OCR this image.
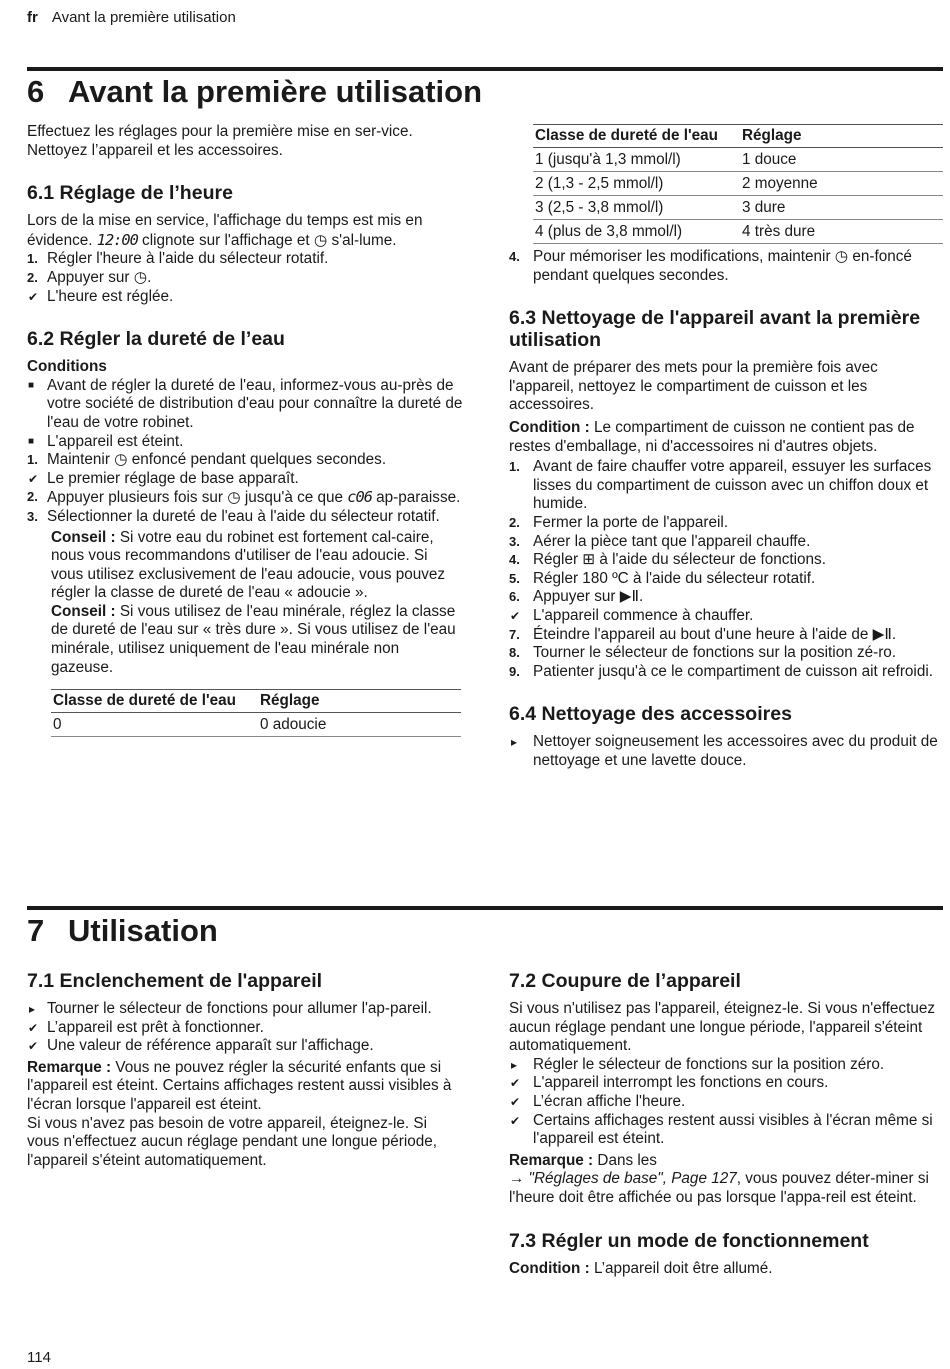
fr Avant la première utilisation
6 Avant la première utilisation

Effectuez les réglages pour la première mise en ser-vice. Nettoyez l’appareil et les accessoires.

6.1 Réglage de l’heure

Lors de la mise en service, l'affichage du temps est mis en évidence. 12:00 clignote sur l'affichage et ◷ s'al-lume.

1. Régler l'heure à l'aide du sélecteur rotatif.
2. Appuyer sur ◷.
✔ L'heure est réglée.
6.2 Régler la dureté de l’eau
Conditions
■ Avant de régler la dureté de l'eau, informez-vous au-près de votre société de distribution d'eau pour connaître la dureté de l'eau de votre robinet.
■ L'appareil est éteint.
1. Maintenir ◷ enfoncé pendant quelques secondes.
✔ Le premier réglage de base apparaît.
2. Appuyer plusieurs fois sur ◷ jusqu'à ce que c06 ap-paraisse.
3. Sélectionner la dureté de l'eau à l'aide du sélecteur rotatif.

Conseil : Si votre eau du robinet est fortement cal-caire, nous vous recommandons d'utiliser de l'eau adoucie. Si vous utilisez exclusivement de l'eau adoucie, vous pouvez régler la classe de dureté de l'eau « adoucie ».

Conseil : Si vous utilisez de l'eau minérale, réglez la classe de dureté de l'eau sur « très dure ». Si vous utilisez de l'eau minérale, utilisez uniquement de l'eau minérale non gazeuse.

Classe de dureté de l'eau	Réglage
0	0 adoucie
Classe de dureté de l'eau	Réglage
1 (jusqu'à 1,3 mmol/l)	1 douce
2 (1,3 - 2,5 mmol/l)	2 moyenne
3 (2,5 - 3,8 mmol/l)	3 dure
4 (plus de 3,8 mmol/l)	4 très dure
4. Pour mémoriser les modifications, maintenir ◷ en-foncé pendant quelques secondes.
6.3 Nettoyage de l'appareil avant la première utilisation

Avant de préparer des mets pour la première fois avec l'appareil, nettoyez le compartiment de cuisson et les accessoires.

Condition : Le compartiment de cuisson ne contient pas de restes d'emballage, ni d'accessoires ni d'autres objets.

1. Avant de faire chauffer votre appareil, essuyer les surfaces lisses du compartiment de cuisson avec un chiffon doux et humide.
2. Fermer la porte de l'appareil.
3. Aérer la pièce tant que l'appareil chauffe.
4. Régler ⊞ à l'aide du sélecteur de fonctions.
5. Régler 180 ºC à l'aide du sélecteur rotatif.
6. Appuyer sur ▶︎Ⅱ.
✔ L'appareil commence à chauffer.
7. Éteindre l'appareil au bout d'une heure à l'aide de ▶︎Ⅱ.
8. Tourner le sélecteur de fonctions sur la position zé-ro.
9. Patienter jusqu'à ce le compartiment de cuisson ait refroidi.
6.4 Nettoyage des accessoires
▸ Nettoyer soigneusement les accessoires avec du produit de nettoyage et une lavette douce.
7 Utilisation
7.1 Enclenchement de l'appareil
▸ Tourner le sélecteur de fonctions pour allumer l'ap-pareil.
✔ L’appareil est prêt à fonctionner.
✔ Une valeur de référence apparaît sur l'affichage.

Remarque : Vous ne pouvez régler la sécurité enfants que si l'appareil est éteint. Certains affichages restent aussi visibles à l'écran lorsque l'appareil est éteint.

Si vous n'avez pas besoin de votre appareil, éteignez-le. Si vous n'effectuez aucun réglage pendant une longue période, l'appareil s'éteint automatiquement.

7.2 Coupure de l’appareil

Si vous n'utilisez pas l'appareil, éteignez-le. Si vous n'effectuez aucun réglage pendant une longue période, l'appareil s'éteint automatiquement.

▸ Régler le sélecteur de fonctions sur la position zéro.
✔ L'appareil interrompt les fonctions en cours.
✔ L’écran affiche l'heure.
✔ Certains affichages restent aussi visibles à l'écran même si l'appareil est éteint.

Remarque : Dans les
→ "Réglages de base", Page 127, vous pouvez déter-miner si l'heure doit être affichée ou pas lorsque l'appa-reil est éteint.

7.3 Régler un mode de fonctionnement

Condition : L’appareil doit être allumé.

114
